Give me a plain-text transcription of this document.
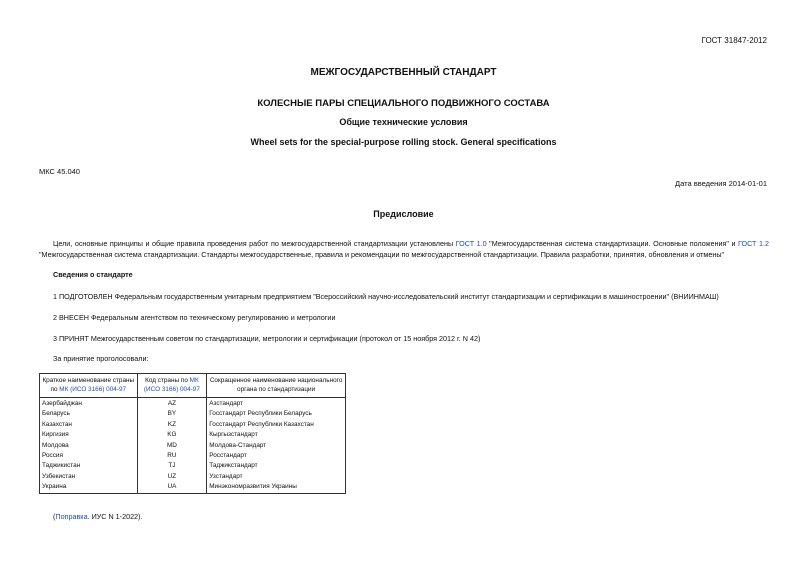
ГОСТ 31847-2012
МЕЖГОСУДАРСТВЕННЫЙ СТАНДАРТ
КОЛЕСНЫЕ ПАРЫ СПЕЦИАЛЬНОГО ПОДВИЖНОГО СОСТАВА
Общие технические условия
Wheel sets for the special-purpose rolling stock. General specifications
МКС 45.040
Дата введения 2014-01-01
Предисловие
Цели, основные принципы и общие правила проведения работ по межгосударственной стандартизации установлены ГОСТ 1.0 "Межгосударственная система стандартизации. Основные положения" и ГОСТ 1.2 "Межгосударственная система стандартизации. Стандарты межгосударственные, правила и рекомендации по межгосударственной стандартизации. Правила разработки, принятия, обновления и отмены"
Сведения о стандарте
1 ПОДГОТОВЛЕН Федеральным государственным унитарным предприятием "Всероссийский научно-исследовательский институт стандартизации и сертификации в машиностроении" (ВНИИНМАШ)
2 ВНЕСЕН Федеральным агентством по техническому регулированию и метрологии
3 ПРИНЯТ Межгосударственным советом по стандартизации, метрологии и сертификации (протокол от 15 ноября 2012 г. N 42)
За принятие проголосовали:
Краткое наименование страны по МК (ИСО 3166) 004-97	Код страны по МК (ИСО 3166) 004-97	Сокращенное наименование национального органа по стандартизации
Азербайджан	AZ	Азстандарт
Беларусь	BY	Госстандарт Республики Беларусь
Казахстан	KZ	Госстандарт Республики Казахстан
Киргизия	KG	Кыргызстандарт
Молдова	MD	Молдова-Стандарт
Россия	RU	Росстандарт
Таджикистан	TJ	Таджикстандарт
Узбекистан	UZ	Узстандарт
Украина	UA	Минэкономразвития Украины
(Поправка. ИУС N 1-2022).
